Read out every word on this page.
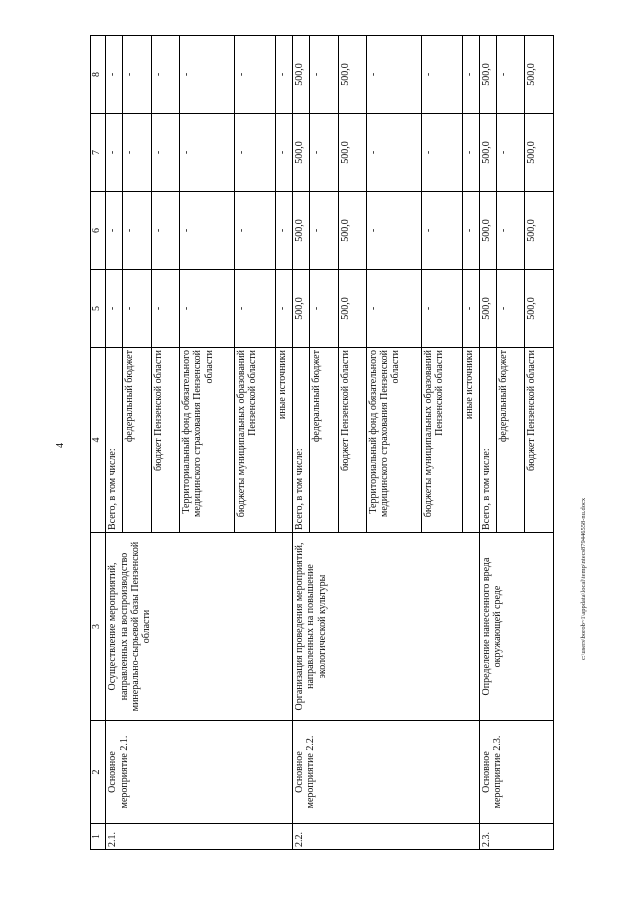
4
c:\users\borob~1\appdata\local\temp\ntecs879446558-nu.docx
1	2	3	4	5	6	7	8
2.1.	Основное мероприятие 2.1.	Осуществление мероприятий, направленных на воспроизводство минерально-сырьевой базы Пензенской области	Всего, в том числе:	-	-	-	-
			федеральный бюджет	-	-	-	-
			бюджет Пензенской области	-	-	-	-
			Территориальный фонд обязательного медицинского страхования Пензенской области	-	-	-	-
			бюджеты муниципальных образований Пензенской области	-	-	-	-
			иные источники	-	-	-	-
2.2.	Основное мероприятие 2.2.	Организация проведения мероприятий, направленных на повышение экологической культуры	Всего, в том числе:	500,0	500,0	500,0	500,0
			федеральный бюджет	-	-	-	-
			бюджет Пензенской области	500,0	500,0	500,0	500,0
			Территориальный фонд обязательного медицинского страхования Пензенской области	-	-	-	-
			бюджеты муниципальных образований Пензенской области	-	-	-	-
			иные источники	-	-	-	-
2.3.	Основное мероприятие 2.3.	Определение нанесенного вреда окружающей среде	Всего, в том числе:	500,0	500,0	500,0	500,0
			федеральный бюджет	-	-	-	-
			бюджет Пензенской области	500,0	500,0	500,0	500,0
